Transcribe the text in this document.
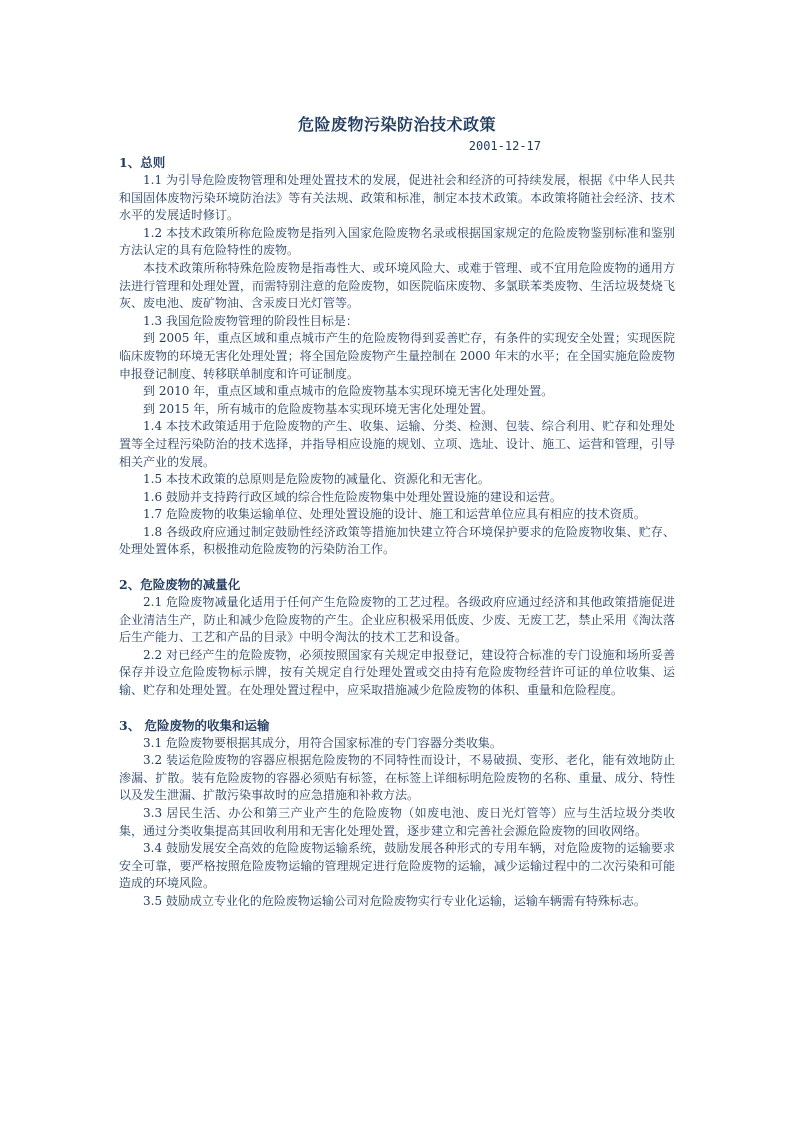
危险废物污染防治技术政策
2001-12-17
1、总则

1.1 为引导危险废物管理和处理处置技术的发展，促进社会和经济的可持续发展，根据《中华人民共和国固体废物污染环境防治法》等有关法规、政策和标准，制定本技术政策。本政策将随社会经济、技术水平的发展适时修订。

1.2 本技术政策所称危险废物是指列入国家危险废物名录或根据国家规定的危险废物鉴别标准和鉴别方法认定的具有危险特性的废物。

本技术政策所称特殊危险废物是指毒性大、或环境风险大、或难于管理、或不宜用危险废物的通用方法进行管理和处理处置，而需特别注意的危险废物，如医院临床废物、多氯联苯类废物、生活垃圾焚烧飞灰、废电池、废矿物油、含汞废日光灯管等。

1.3 我国危险废物管理的阶段性目标是：

到 2005 年，重点区域和重点城市产生的危险废物得到妥善贮存，有条件的实现安全处置；实现医院临床废物的环境无害化处理处置；将全国危险废物产生量控制在 2000 年末的水平；在全国实施危险废物申报登记制度、转移联单制度和许可证制度。

到 2010 年，重点区域和重点城市的危险废物基本实现环境无害化处理处置。

到 2015 年，所有城市的危险废物基本实现环境无害化处理处置。

1.4 本技术政策适用于危险废物的产生、收集、运输、分类、检测、包装、综合利用、贮存和处理处置等全过程污染防治的技术选择，并指导相应设施的规划、立项、选址、设计、施工、运营和管理，引导相关产业的发展。

1.5 本技术政策的总原则是危险废物的减量化、资源化和无害化。

1.6 鼓励并支持跨行政区域的综合性危险废物集中处理处置设施的建设和运营。

1.7 危险废物的收集运输单位、处理处置设施的设计、施工和运营单位应具有相应的技术资质。

1.8 各级政府应通过制定鼓励性经济政策等措施加快建立符合环境保护要求的危险废物收集、贮存、处理处置体系，积极推动危险废物的污染防治工作。

2、危险废物的减量化

2.1 危险废物减量化适用于任何产生危险废物的工艺过程。各级政府应通过经济和其他政策措施促进企业清洁生产，防止和减少危险废物的产生。企业应积极采用低废、少废、无废工艺，禁止采用《淘汰落后生产能力、工艺和产品的目录》中明令淘汰的技术工艺和设备。

2.2 对已经产生的危险废物，必须按照国家有关规定申报登记，建设符合标准的专门设施和场所妥善保存并设立危险废物标示牌，按有关规定自行处理处置或交由持有危险废物经营许可证的单位收集、运输、贮存和处理处置。在处理处置过程中，应采取措施减少危险废物的体积、重量和危险程度。

3、 危险废物的收集和运输

3.1 危险废物要根据其成分，用符合国家标准的专门容器分类收集。

3.2 装运危险废物的容器应根据危险废物的不同特性而设计，不易破损、变形、老化，能有效地防止渗漏、扩散。装有危险废物的容器必须贴有标签，在标签上详细标明危险废物的名称、重量、成分、特性以及发生泄漏、扩散污染事故时的应急措施和补救方法。

3.3 居民生活、办公和第三产业产生的危险废物（如废电池、废日光灯管等）应与生活垃圾分类收集，通过分类收集提高其回收利用和无害化处理处置，逐步建立和完善社会源危险废物的回收网络。

3.4 鼓励发展安全高效的危险废物运输系统，鼓励发展各种形式的专用车辆，对危险废物的运输要求安全可靠，要严格按照危险废物运输的管理规定进行危险废物的运输，减少运输过程中的二次污染和可能造成的环境风险。

3.5 鼓励成立专业化的危险废物运输公司对危险废物实行专业化运输，运输车辆需有特殊标志。
